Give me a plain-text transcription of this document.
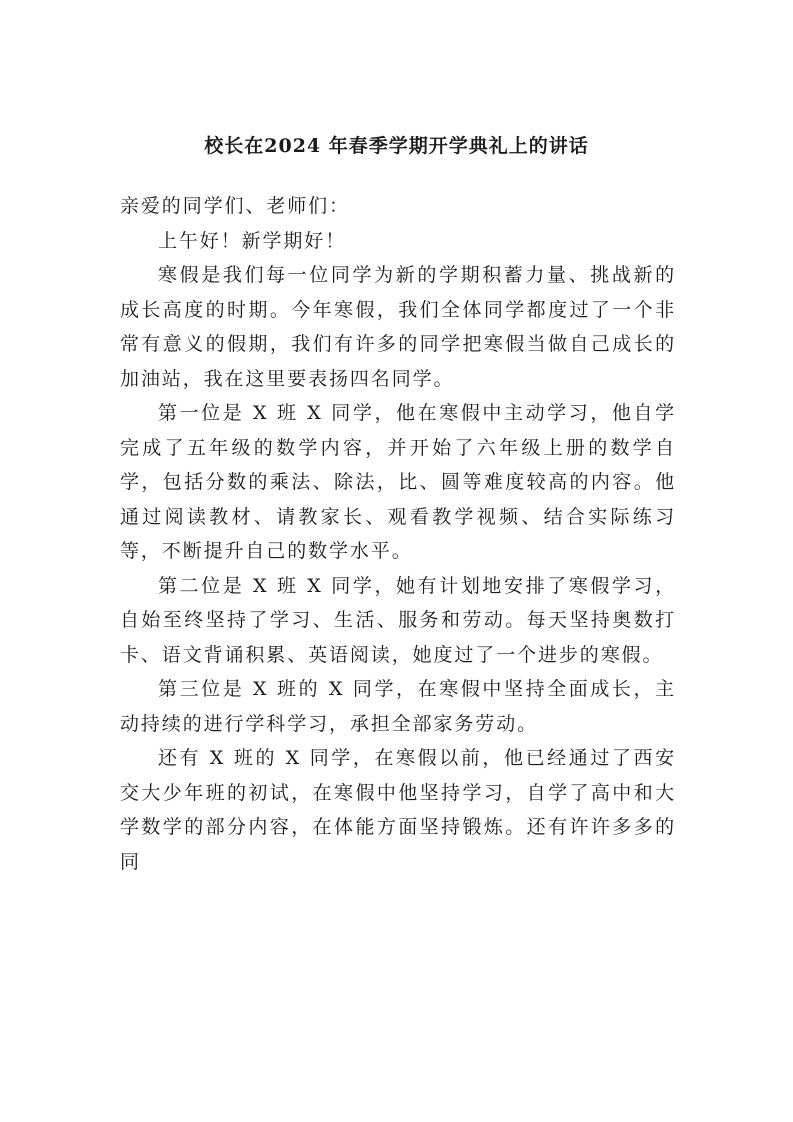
校长在2024 年春季学期开学典礼上的讲话

亲爱的同学们、老师们：

上午好！新学期好！

寒假是我们每一位同学为新的学期积蓄力量、挑战新的成长高度的时期。今年寒假，我们全体同学都度过了一个非常有意义的假期，我们有许多的同学把寒假当做自己成长的加油站，我在这里要表扬四名同学。

第一位是 X 班 X 同学，他在寒假中主动学习，他自学完成了五年级的数学内容，并开始了六年级上册的数学自学，包括分数的乘法、除法，比、圆等难度较高的内容。他通过阅读教材、请教家长、观看教学视频、结合实际练习等，不断提升自己的数学水平。

第二位是 X 班 X 同学，她有计划地安排了寒假学习，自始至终坚持了学习、生活、服务和劳动。每天坚持奥数打卡、语文背诵积累、英语阅读，她度过了一个进步的寒假。

第三位是 X 班的 X 同学，在寒假中坚持全面成长，主动持续的进行学科学习，承担全部家务劳动。

还有 X 班的 X 同学，在寒假以前，他已经通过了西安交大少年班的初试，在寒假中他坚持学习，自学了高中和大学数学的部分内容，在体能方面坚持锻炼。还有许许多多的同
